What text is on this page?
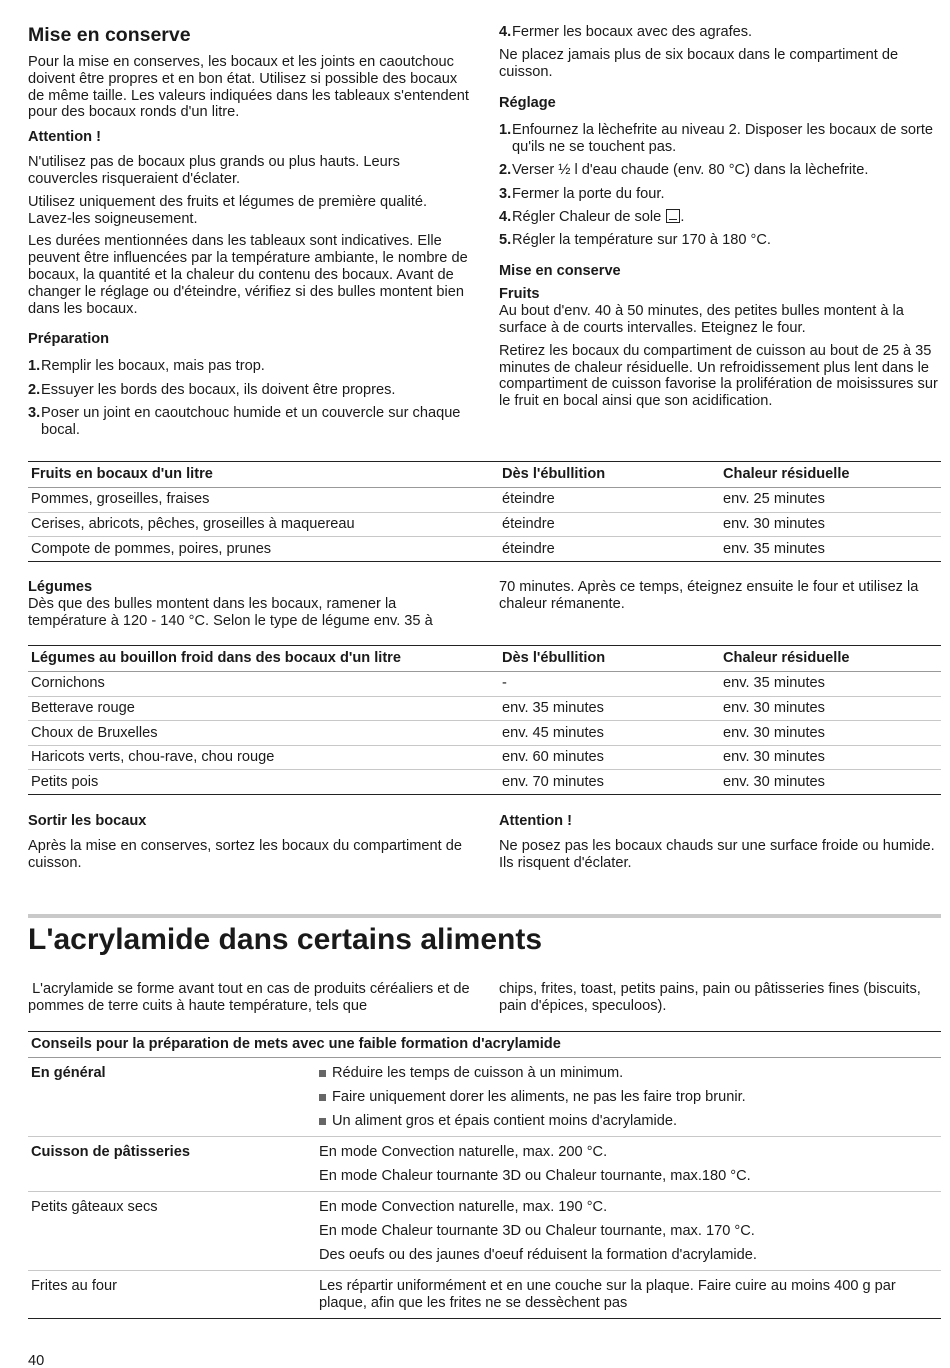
Mise en conserve

Pour la mise en conserves, les bocaux et les joints en caoutchouc doivent être propres et en bon état. Utilisez si possible des bocaux de même taille. Les valeurs indiquées dans les tableaux s'entendent pour des bocaux ronds d'un litre.

Attention !

N'utilisez pas de bocaux plus grands ou plus hauts. Leurs couvercles risqueraient d'éclater.

Utilisez uniquement des fruits et légumes de première qualité. Lavez-les soigneusement.

Les durées mentionnées dans les tableaux sont indicatives. Elle peuvent être influencées par la température ambiante, le nombre de bocaux, la quantité et la chaleur du contenu des bocaux. Avant de changer le réglage ou d'éteindre, vérifiez si des bulles montent bien dans les bocaux.

Préparation
1. Remplir les bocaux, mais pas trop.
2. Essuyer les bords des bocaux, ils doivent être propres.
3. Poser un joint en caoutchouc humide et un couvercle sur chaque bocal.
4. Fermer les bocaux avec des agrafes.

Ne placez jamais plus de six bocaux dans le compartiment de cuisson.

Réglage
1. Enfournez la lèchefrite au niveau 2. Disposer les bocaux de sorte qu'ils ne se touchent pas.
2. Verser ½ l d'eau chaude (env. 80 °C) dans la lèchefrite.
3. Fermer la porte du four.
4. Régler Chaleur de sole .
5. Régler la température sur 170 à 180 °C.
Mise en conserve
Fruits

Au bout d'env. 40 à 50 minutes, des petites bulles montent à la surface à de courts intervalles. Eteignez le four.

Retirez les bocaux du compartiment de cuisson au bout de 25 à 35 minutes de chaleur résiduelle. Un refroidissement plus lent dans le compartiment de cuisson favorise la prolifération de moisissures sur le fruit en bocal ainsi que son acidification.

Fruits en bocaux d'un litre	Dès l'ébullition	Chaleur résiduelle
Pommes, groseilles, fraises	éteindre	env. 25 minutes
Cerises, abricots, pêches, groseilles à maquereau	éteindre	env. 30 minutes
Compote de pommes, poires, prunes	éteindre	env. 35 minutes
Légumes

Dès que des bulles montent dans les bocaux, ramener la température à 120 - 140 °C. Selon le type de légume env. 35 à

70 minutes. Après ce temps, éteignez ensuite le four et utilisez la chaleur rémanente.

Légumes au bouillon froid dans des bocaux d'un litre	Dès l'ébullition	Chaleur résiduelle
Cornichons	-	env. 35 minutes
Betterave rouge	env. 35 minutes	env. 30 minutes
Choux de Bruxelles	env. 45 minutes	env. 30 minutes
Haricots verts, chou-rave, chou rouge	env. 60 minutes	env. 30 minutes
Petits pois	env. 70 minutes	env. 30 minutes
Sortir les bocaux

Après la mise en conserves, sortez les bocaux du compartiment de cuisson.

Attention !

Ne posez pas les bocaux chauds sur une surface froide ou humide. Ils risquent d'éclater.

L'acrylamide dans certains aliments
L'acrylamide se forme avant tout en cas de produits céréaliers et de pommes de terre cuits à haute température, tels que
chips, frites, toast, petits pains, pain ou pâtisseries fines (biscuits, pain d'épices, speculoos).
Conseils pour la préparation de mets avec une faible formation d'acrylamide	

En général	Réduire les temps de cuisson à un minimum.
Faire uniquement dorer les aliments, ne pas les faire trop brunir.
Un aliment gros et épais contient moins d'acrylamide.

Cuisson de pâtisseries	En mode Convection naturelle, max. 200 °C.
En mode Chaleur tournante 3D ou Chaleur tournante, max.180 °C.

Petits gâteaux secs	En mode Convection naturelle, max. 190 °C.
En mode Chaleur tournante 3D ou Chaleur tournante, max. 170 °C.
Des oeufs ou des jaunes d'oeuf réduisent la formation d'acrylamide.

Frites au four	Les répartir uniformément et en une couche sur la plaque. Faire cuire au moins 400 g par plaque, afin que les frites ne se dessèchent pas
40
